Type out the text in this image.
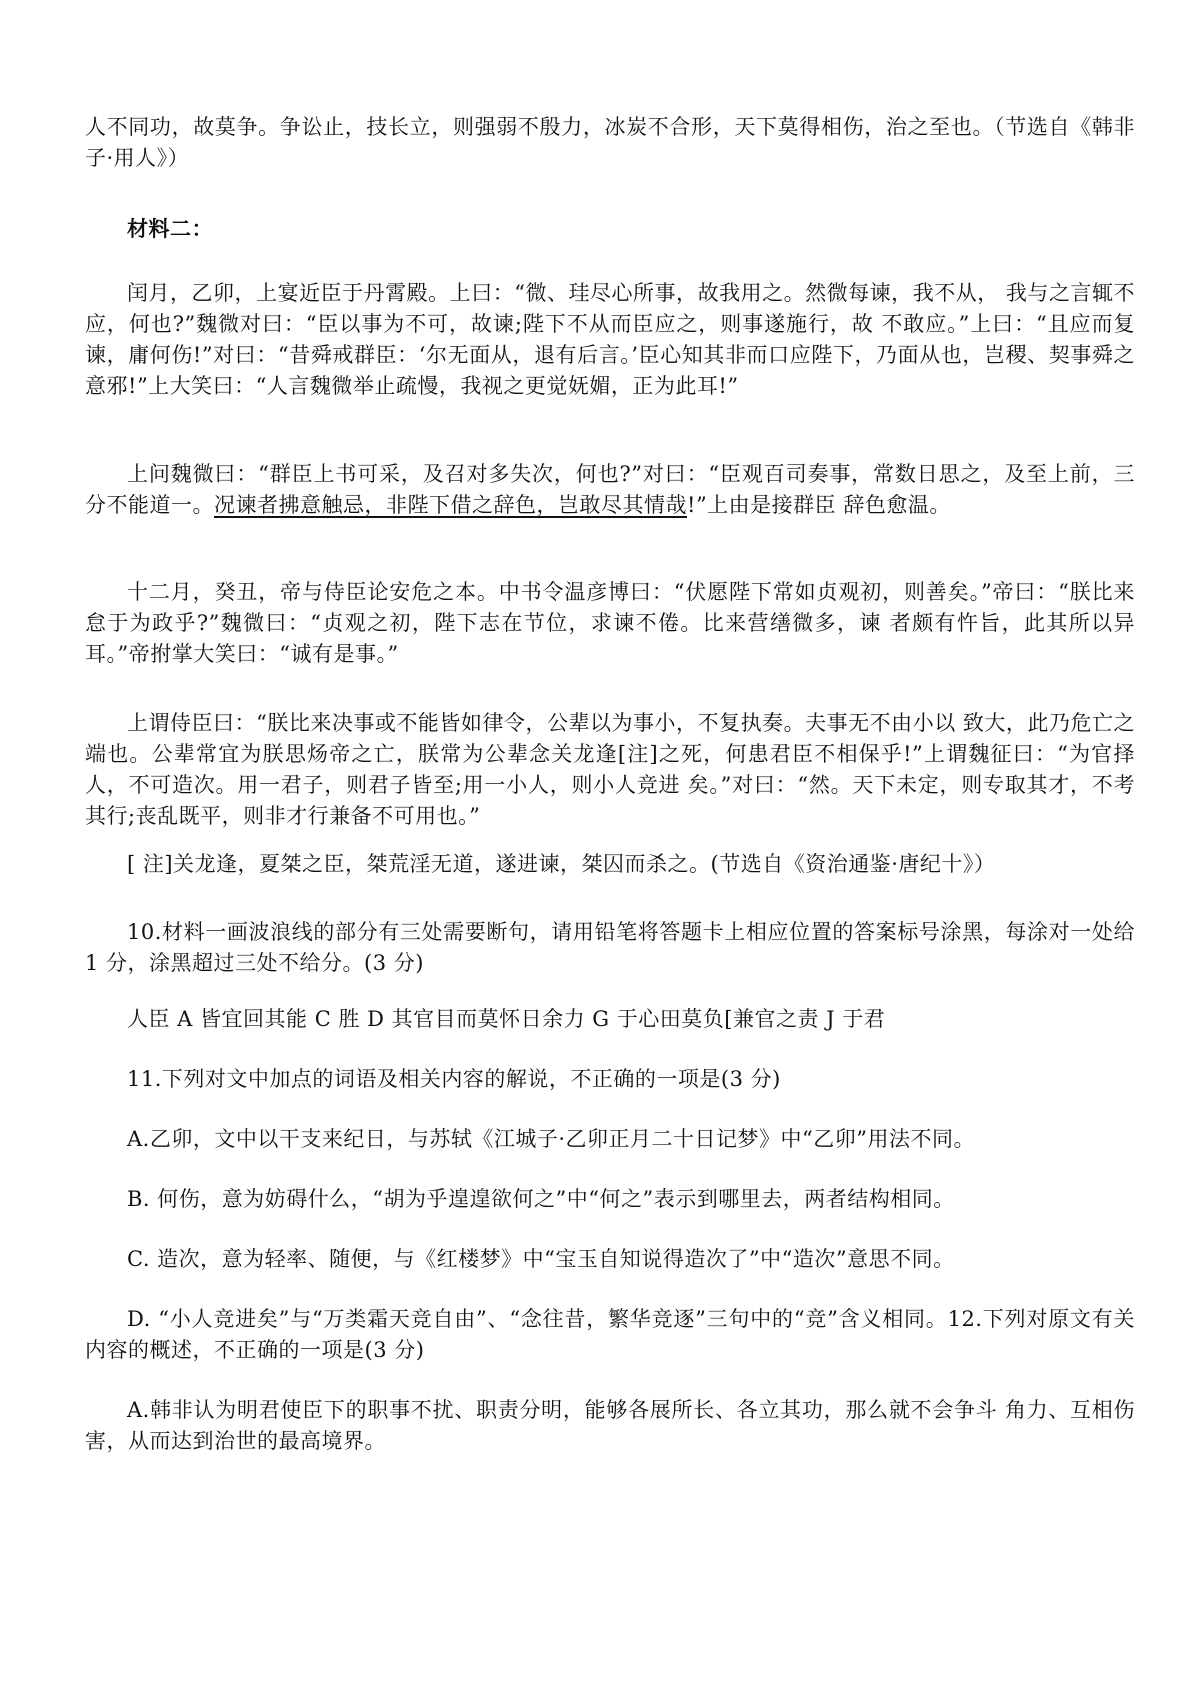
人不同功，故莫争。争讼止，技长立，则强弱不殷力，冰炭不合形，天下莫得相伤，治之至也。（节选自《韩非子·用人》）

材料二：

闰月，乙卯，上宴近臣于丹霄殿。上曰：“微、珪尽心所事，故我用之。然微每谏，我不从， 我与之言辄不应，何也?”魏微对曰：“臣以事为不可，故谏;陛下不从而臣应之，则事遂施行，故 不敢应。”上曰：“且应而复谏，庸何伤!”对曰：“昔舜戒群臣：‘尔无面从，退有后言。’臣心知其非而口应陛下，乃面从也，岂稷、契事舜之意邪!”上大笑曰：“人言魏微举止疏慢，我视之更觉妩媚，正为此耳!”

上问魏微曰：“群臣上书可采，及召对多失次，何也?”对曰：“臣观百司奏事，常数日思之，及至上前，三分不能道一。况谏者拂意触忌，非陛下借之辞色，岂敢尽其情哉!”上由是接群臣 辞色愈温。

十二月，癸丑，帝与侍臣论安危之本。中书令温彦博曰：“伏愿陛下常如贞观初，则善矣。”帝曰：“朕比来怠于为政乎?”魏微曰：“贞观之初，陛下志在节位，求谏不倦。比来营缮微多，谏 者颇有忤旨，此其所以异耳。”帝拊掌大笑曰：“诚有是事。”

上谓侍臣曰：“朕比来决事或不能皆如律令，公辈以为事小，不复执奏。夫事无不由小以 致大，此乃危亡之端也。公辈常宜为朕思炀帝之亡，朕常为公辈念关龙逢[注]之死，何患君臣不相保乎!”上谓魏征曰：“为官择人，不可造次。用一君子，则君子皆至;用一小人，则小人竞进 矣。”对曰：“然。天下未定，则专取其才，不考其行;丧乱既平，则非才行兼备不可用也。”

[ 注]关龙逢，夏桀之臣，桀荒淫无道，遂进谏，桀囚而杀之。(节选自《资治通鉴·唐纪十》）

10.材料一画波浪线的部分有三处需要断句，请用铅笔将答题卡上相应位置的答案标号涂黑，每涂对一处给 1 分，涂黑超过三处不给分。(3 分)

人臣 A 皆宜回其能 C 胜 D 其官目而莫怀日余力 G 于心田莫负[兼官之责 J 于君

11.下列对文中加点的词语及相关内容的解说，不正确的一项是(3 分)

A.乙卯，文中以干支来纪日，与苏轼《江城子·乙卯正月二十日记梦》中“乙卯”用法不同。

B. 何伤，意为妨碍什么，“胡为乎遑遑欲何之”中“何之”表示到哪里去，两者结构相同。

C. 造次，意为轻率、随便，与《红楼梦》中“宝玉自知说得造次了”中“造次”意思不同。

D. “小人竞进矣”与“万类霜天竞自由”、“念往昔，繁华竞逐”三句中的“竞”含义相同。12.下列对原文有关内容的概述，不正确的一项是(3 分)

A.韩非认为明君使臣下的职事不扰、职责分明，能够各展所长、各立其功，那么就不会争斗 角力、互相伤害，从而达到治世的最高境界。
